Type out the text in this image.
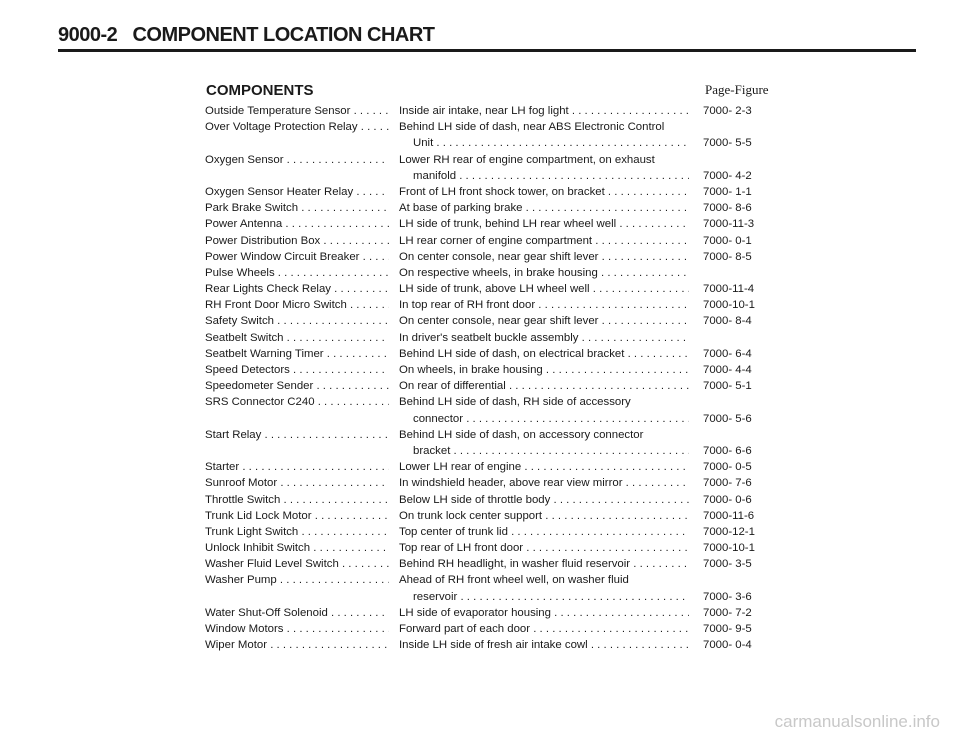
9000-2 COMPONENT LOCATION CHART
COMPONENTS	Page-Figure
Outside Temperature Sensor . . .	Inside air intake, near LH fog light . . .	7000- 2-3
Over Voltage Protection Relay . . .	Behind LH side of dash, near ABS Electronic Control
Unit . . .	7000- 5-5
Oxygen Sensor . . .	Lower RH rear of engine compartment, on exhaust
manifold . . .	7000- 4-2
Oxygen Sensor Heater Relay . . .	Front of LH front shock tower, on bracket . . .	7000- 1-1
Park Brake Switch . . .	At base of parking brake . . .	7000- 8-6
Power Antenna . . .	LH side of trunk, behind LH rear wheel well . . .	7000-11-3
Power Distribution Box . . .	LH rear corner of engine compartment . . .	7000- 0-1
Power Window Circuit Breaker . . .	On center console, near gear shift lever . . .	7000- 8-5
Pulse Wheels . . .	On respective wheels, in brake housing . . .
Rear Lights Check Relay . . .	LH side of trunk, above LH wheel well . . .	7000-11-4
RH Front Door Micro Switch . . .	In top rear of RH front door . . .	7000-10-1
Safety Switch . . .	On center console, near gear shift lever . . .	7000- 8-4
Seatbelt Switch . . .	In driver's seatbelt buckle assembly . . .
Seatbelt Warning Timer . . .	Behind LH side of dash, on electrical bracket . . .	7000- 6-4
Speed Detectors . . .	On wheels, in brake housing . . .	7000- 4-4
Speedometer Sender . . .	On rear of differential . . .	7000- 5-1
SRS Connector C240 . . .	Behind LH side of dash, RH side of accessory
connector . . .	7000- 5-6
Start Relay . . .	Behind LH side of dash, on accessory connector
bracket . . .	7000- 6-6
Starter . . .	Lower LH rear of engine . . .	7000- 0-5
Sunroof Motor . . .	In windshield header, above rear view mirror . . .	7000- 7-6
Throttle Switch . . .	Below LH side of throttle body . . .	7000- 0-6
Trunk Lid Lock Motor . . .	On trunk lock center support . . .	7000-11-6
Trunk Light Switch . . .	Top center of trunk lid . . .	7000-12-1
Unlock Inhibit Switch . . .	Top rear of LH front door . . .	7000-10-1
Washer Fluid Level Switch . . .	Behind RH headlight, in washer fluid reservoir . . .	7000- 3-5
Washer Pump . . .	Ahead of RH front wheel well, on washer fluid
reservoir . . .	7000- 3-6
Water Shut-Off Solenoid . . .	LH side of evaporator housing . . .	7000- 7-2
Window Motors . . .	Forward part of each door . . .	7000- 9-5
Wiper Motor . . .	Inside LH side of fresh air intake cowl . . .	7000- 0-4
carmanualsonline.info
